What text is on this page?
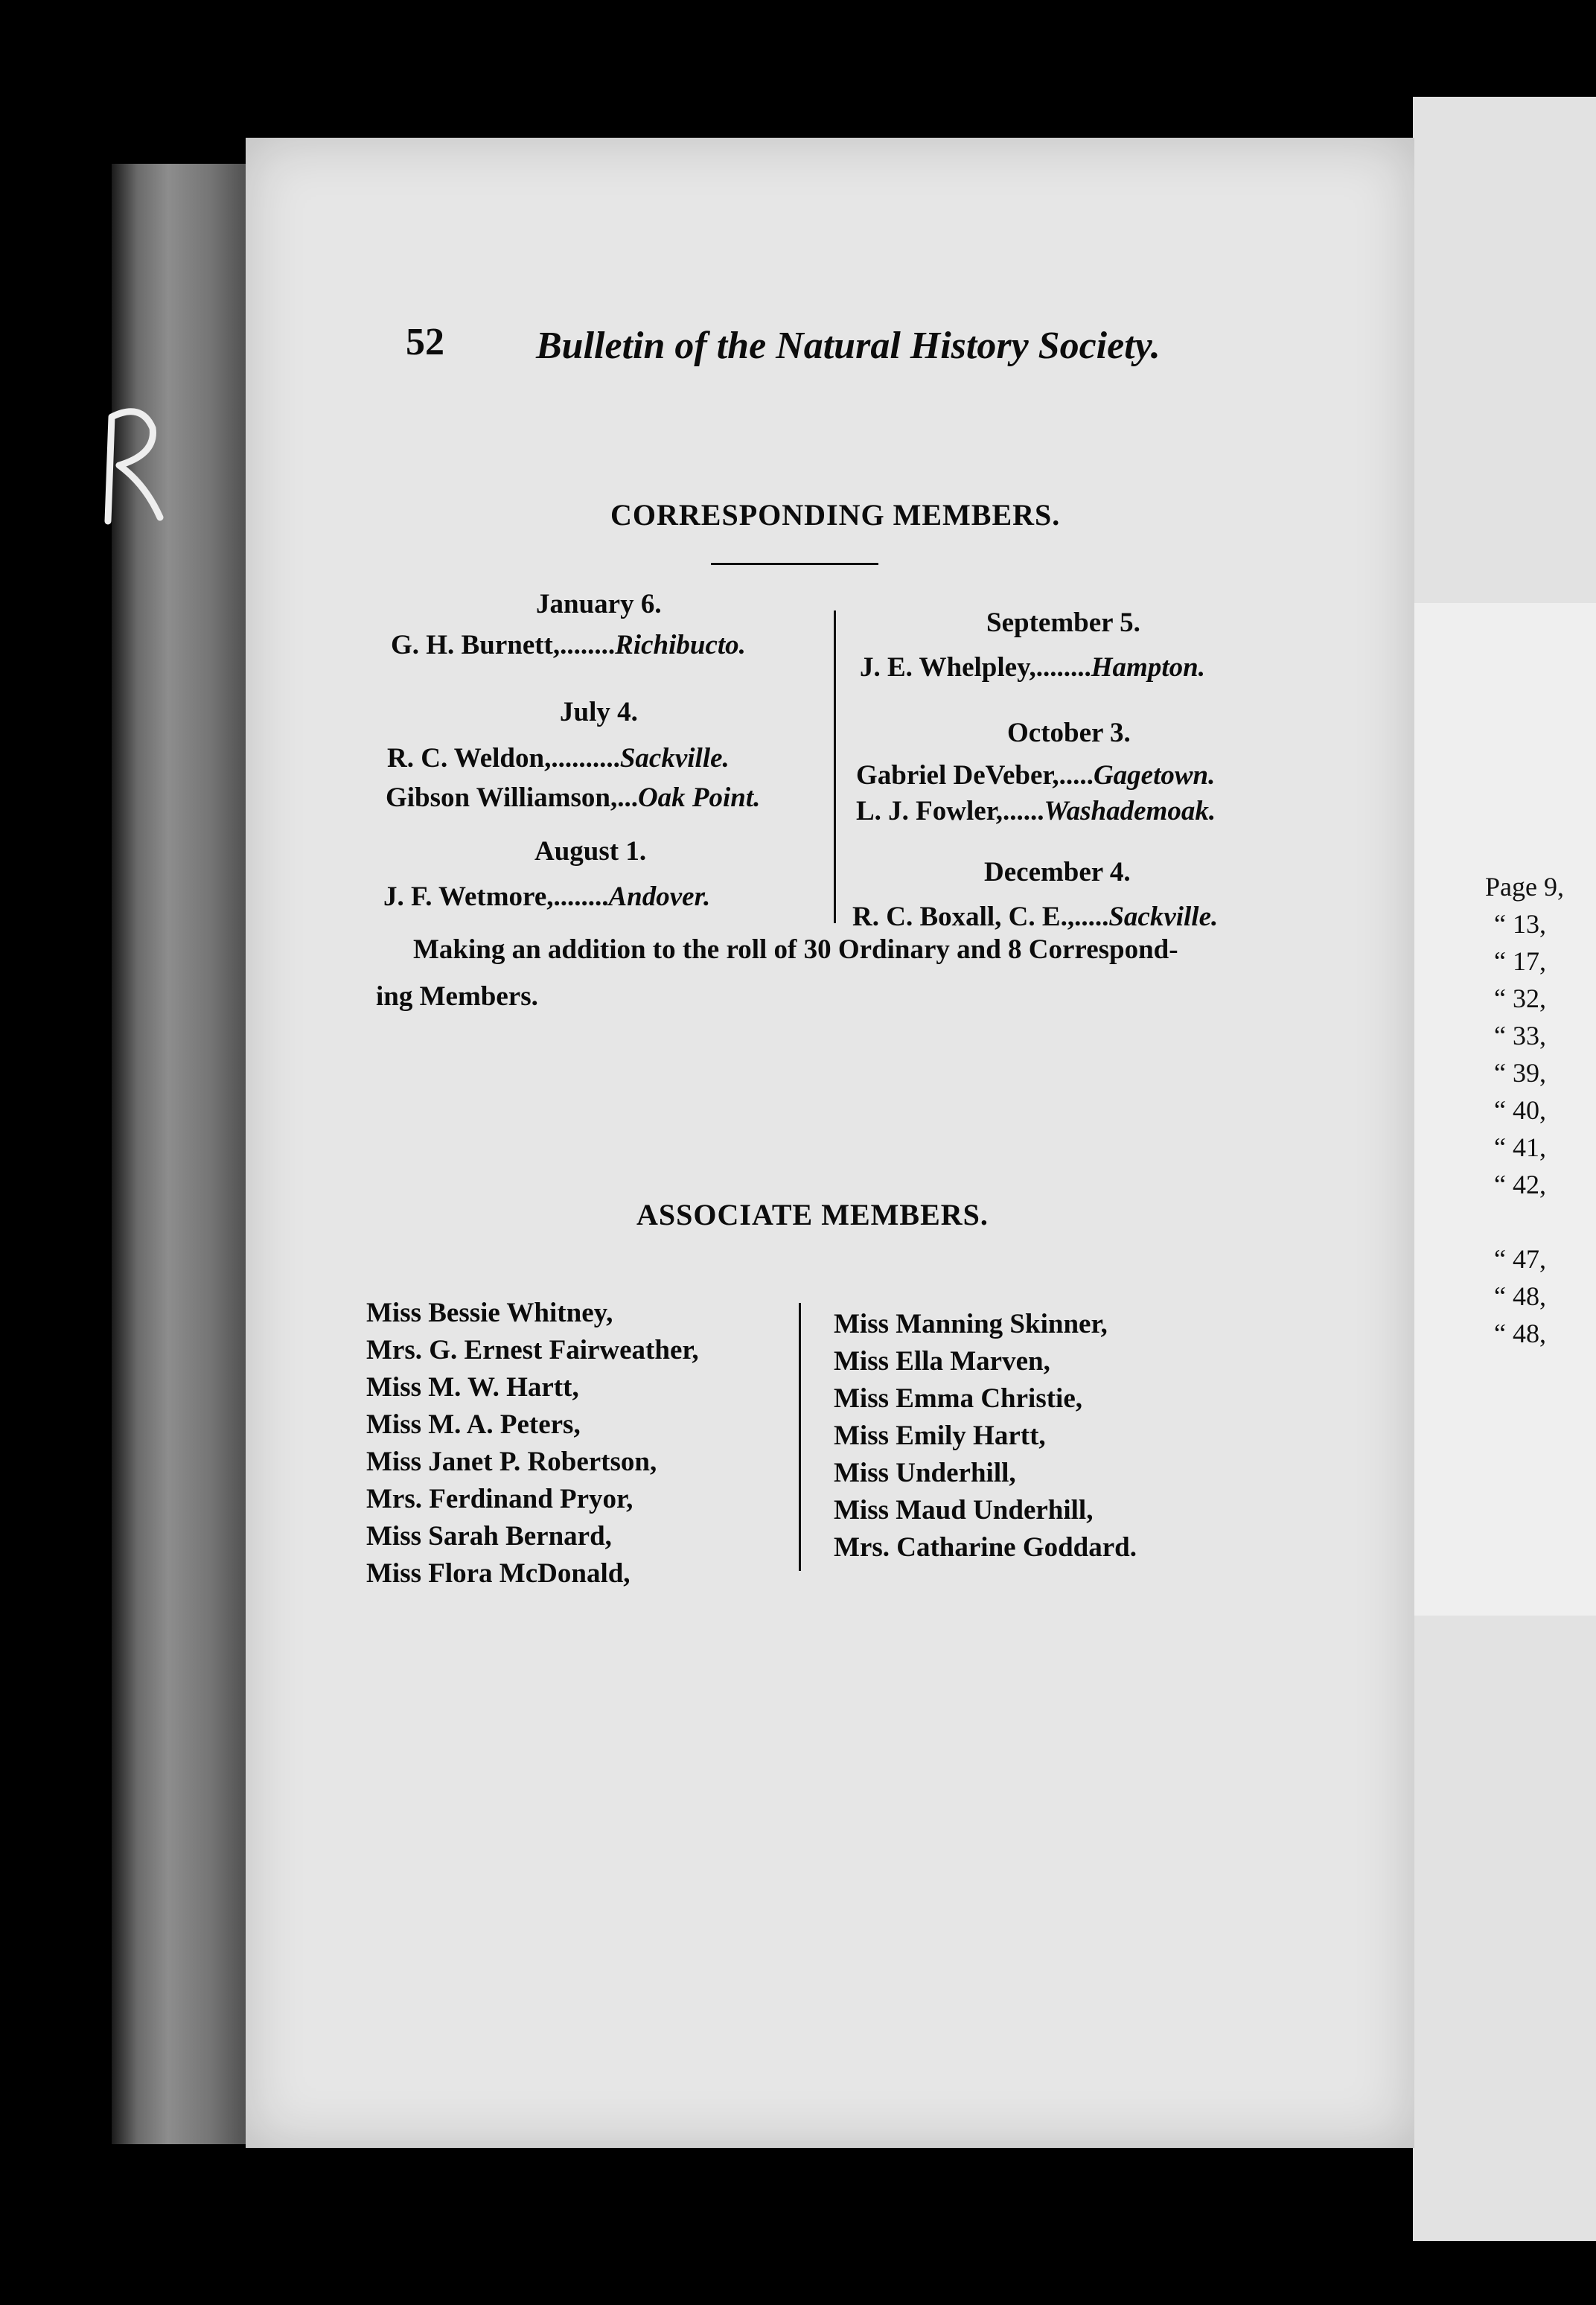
Page 9,
“ 13,
“ 17,
“ 32,
“ 33,
“ 39,
“ 40,
“ 41,
“ 42,
“ 47,
“ 48,
“ 48,
52 Bulletin of the Natural History Society.
CORRESPONDING MEMBERS.
January 6.
G. H. Burnett,........Richibucto.
July 4.
R. C. Weldon,..........Sackville.
Gibson Williamson,...Oak Point.
August 1.
J. F. Wetmore,........Andover.
September 5.
J. E. Whelpley,........Hampton.
October 3.
Gabriel DeVeber,.....Gagetown.
L. J. Fowler,......Washademoak.
December 4.
R. C. Boxall, C. E.,.....Sackville.
Making an addition to the roll of 30 Ordinary and 8 Correspond-
ing Members.
ASSOCIATE MEMBERS.
Miss Bessie Whitney,
Mrs. G. Ernest Fairweather,
Miss M. W. Hartt,
Miss M. A. Peters,
Miss Janet P. Robertson,
Mrs. Ferdinand Pryor,
Miss Sarah Bernard,
Miss Flora McDonald,
Miss Manning Skinner,
Miss Ella Marven,
Miss Emma Christie,
Miss Emily Hartt,
Miss Underhill,
Miss Maud Underhill,
Mrs. Catharine Goddard.
